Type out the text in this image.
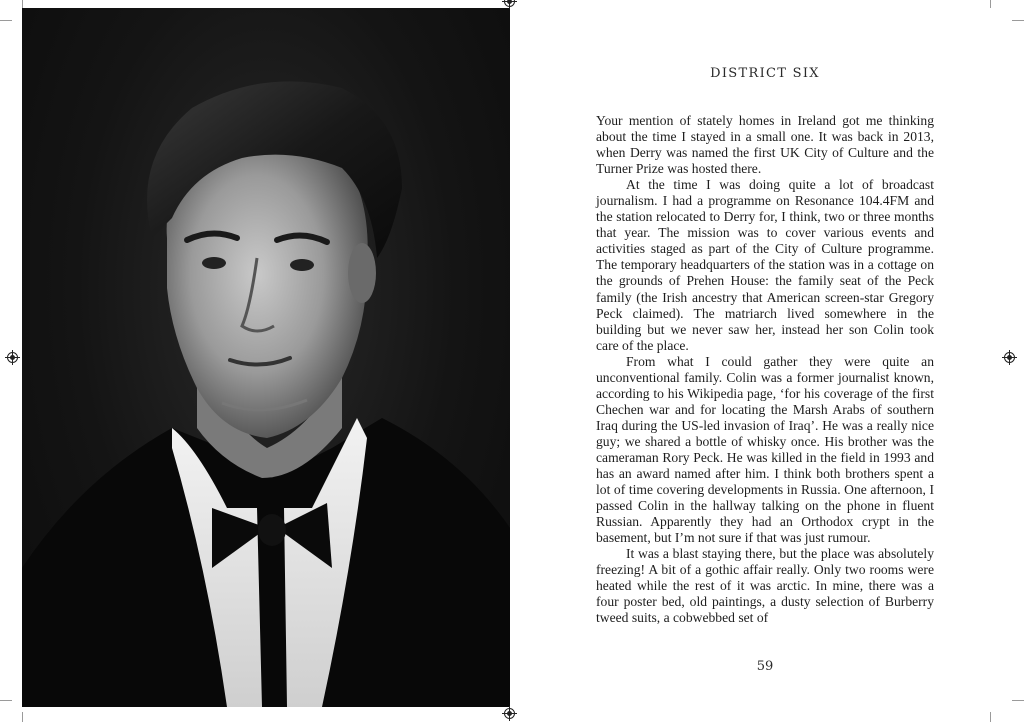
DISTRICT SIX

Your mention of stately homes in Ireland got me thinking about the time I stayed in a small one. It was back in 2013, when Derry was named the first UK City of Culture and the Turner Prize was hosted there.

At the time I was doing quite a lot of broadcast journalism. I had a programme on Resonance 104.4FM and the station relocated to Derry for, I think, two or three months that year. The mission was to cover various events and activities staged as part of the City of Culture programme. The temporary headquarters of the station was in a cottage on the grounds of Prehen House: the family seat of the Peck family (the Irish ancestry that American screen-star Gregory Peck claimed). The matriarch lived somewhere in the building but we never saw her, instead her son Colin took care of the place.

From what I could gather they were quite an unconventional family. Colin was a former journalist known, according to his Wikipedia page, ‘for his coverage of the first Chechen war and for locating the Marsh Arabs of southern Iraq during the US-led invasion of Iraq’. He was a really nice guy; we shared a bottle of whisky once. His brother was the cameraman Rory Peck. He was killed in the field in 1993 and has an award named after him. I think both brothers spent a lot of time covering developments in Russia. One afternoon, I passed Colin in the hallway talking on the phone in fluent Russian. Apparently they had an Orthodox crypt in the basement, but I’m not sure if that was just rumour.

It was a blast staying there, but the place was absolutely freezing! A bit of a gothic affair really. Only two rooms were heated while the rest of it was arctic. In mine, there was a four poster bed, old paintings, a dusty selection of Burberry tweed suits, a cobwebbed set of

59
